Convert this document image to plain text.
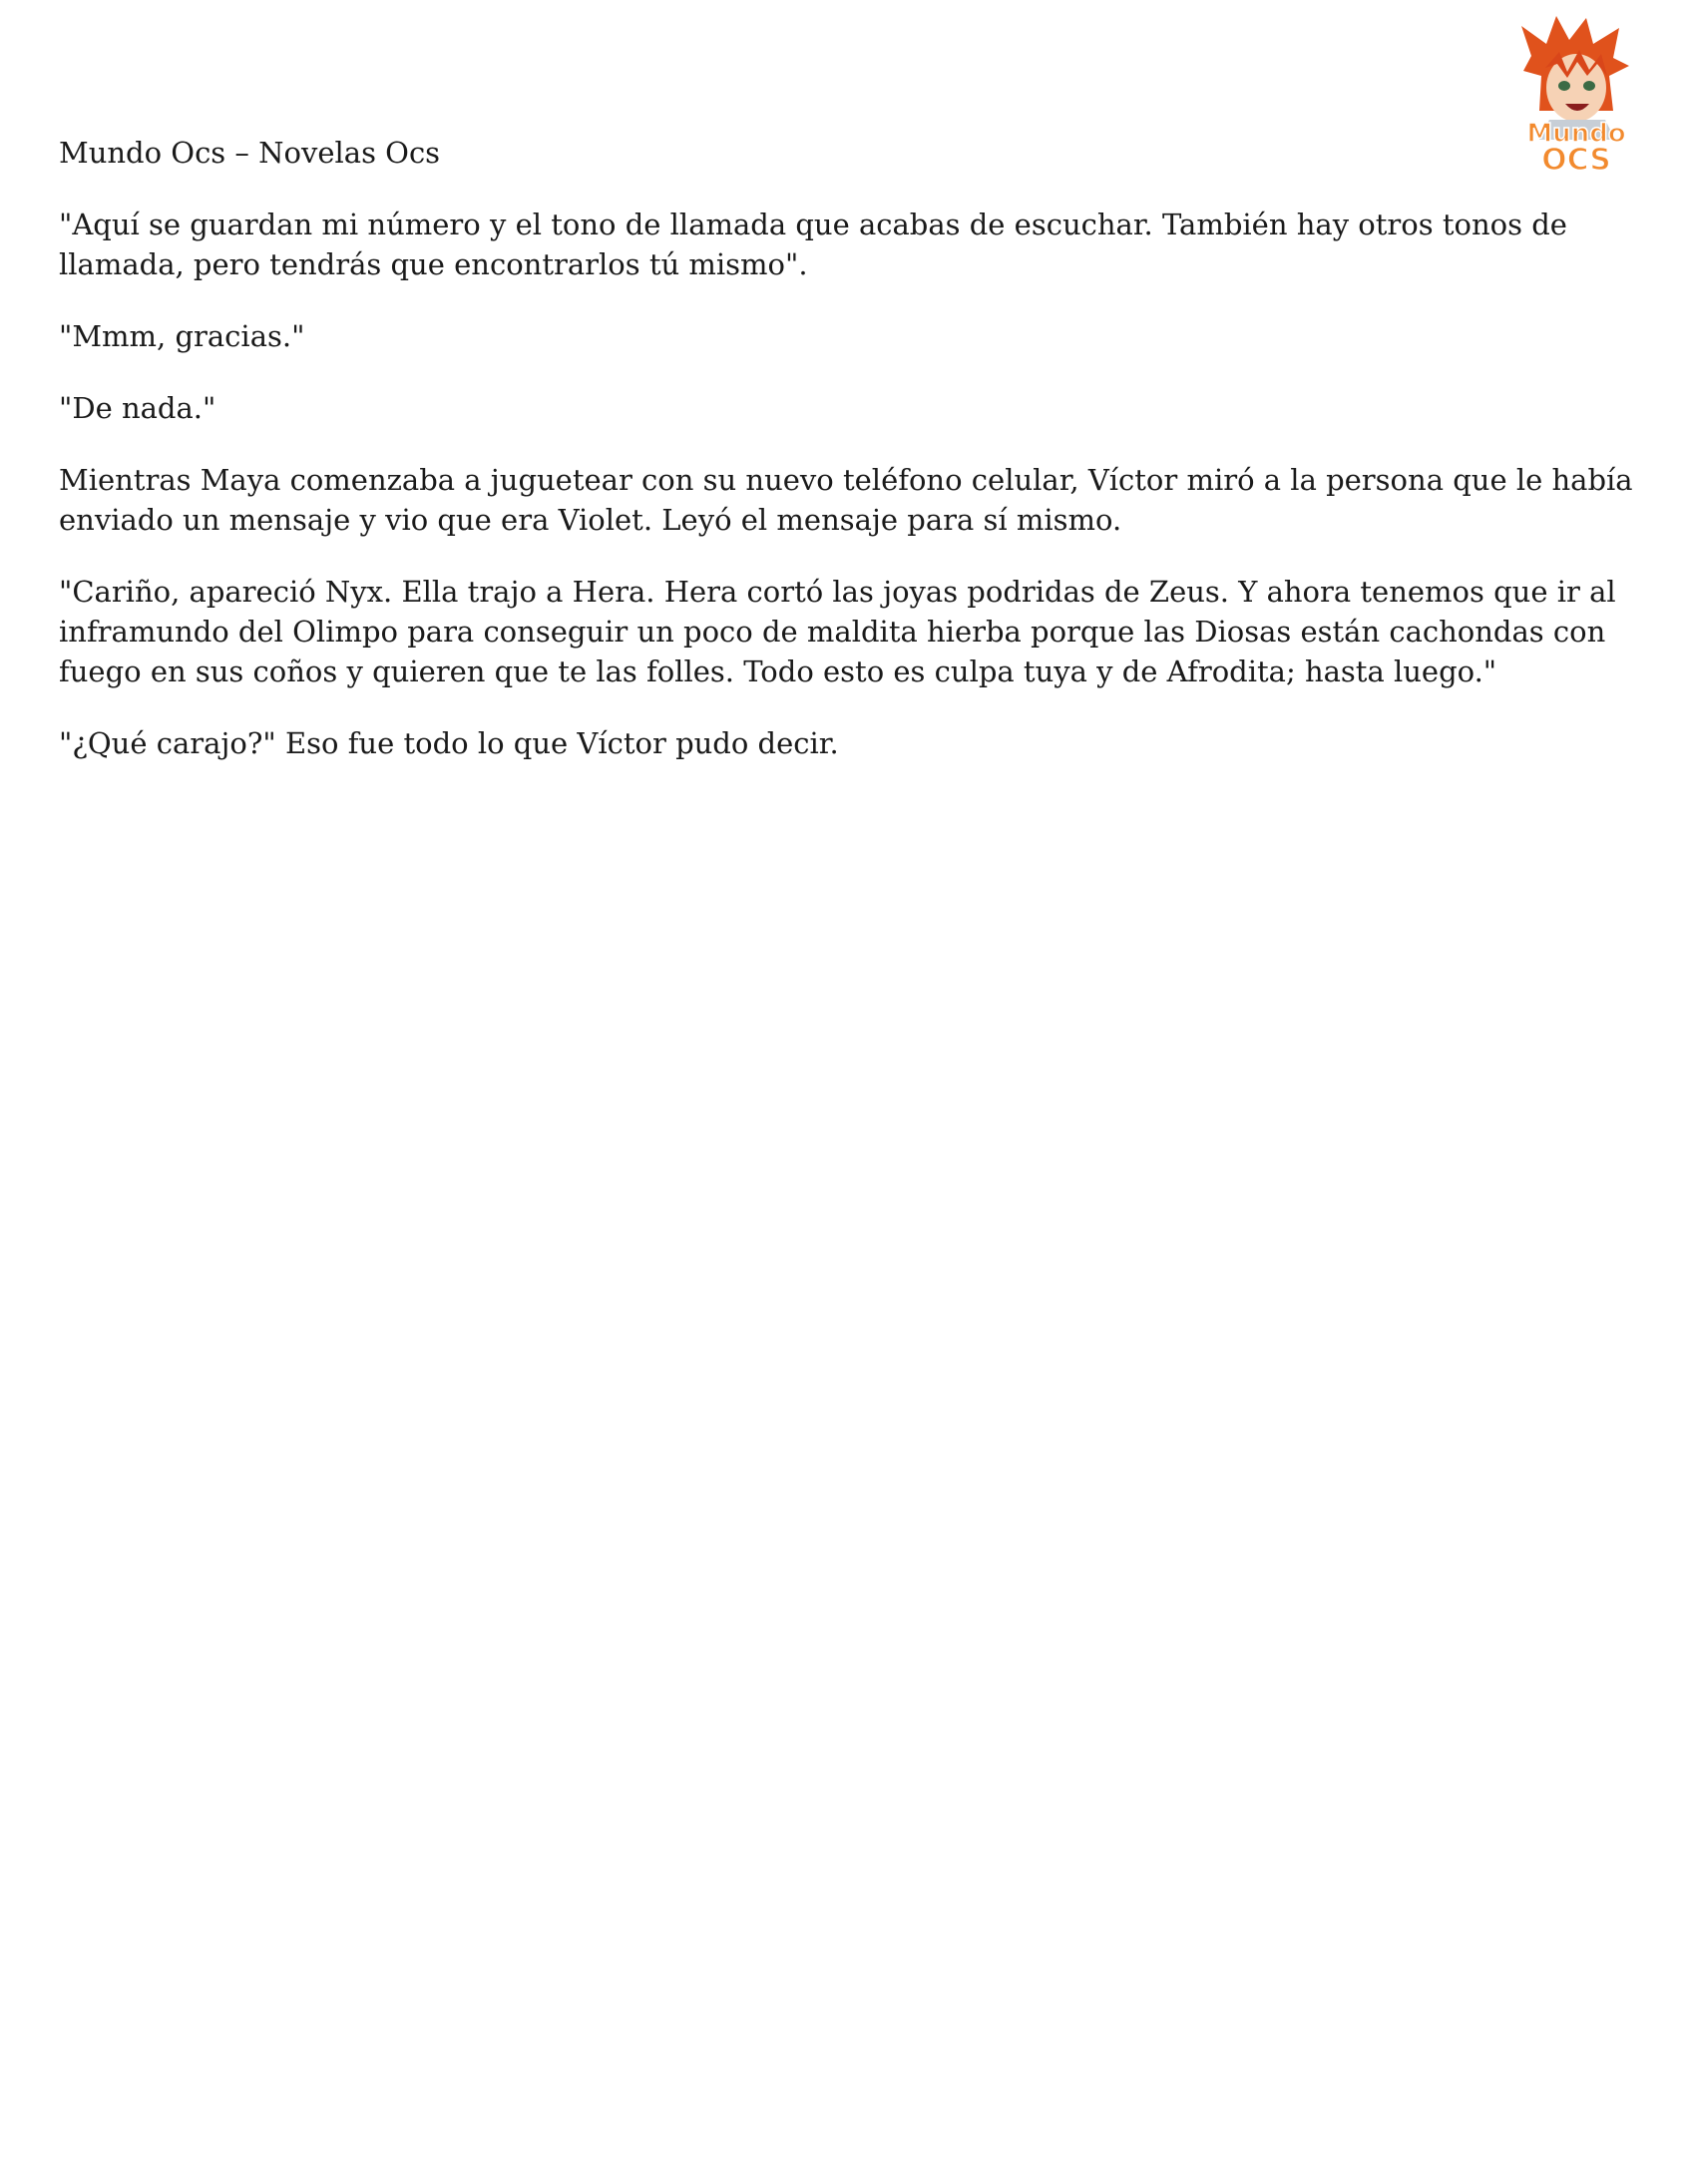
Mundo Ocs – Novelas Ocs
Mundo
OCS

"Aquí se guardan mi número y el tono de llamada que acabas de escuchar. También hay otros tonos de llamada, pero tendrás que encontrarlos tú mismo".

"Mmm, gracias."

"De nada."

Mientras Maya comenzaba a juguetear con su nuevo teléfono celular, Víctor miró a la persona que le había enviado un mensaje y vio que era Violet. Leyó el mensaje para sí mismo.

"Cariño, apareció Nyx. Ella trajo a Hera. Hera cortó las joyas podridas de Zeus. Y ahora tenemos que ir al inframundo del Olimpo para conseguir un poco de maldita hierba porque las Diosas están cachondas con fuego en sus coños y quieren que te las folles. Todo esto es culpa tuya y de Afrodita; hasta luego."

"¿Qué carajo?" Eso fue todo lo que Víctor pudo decir.
